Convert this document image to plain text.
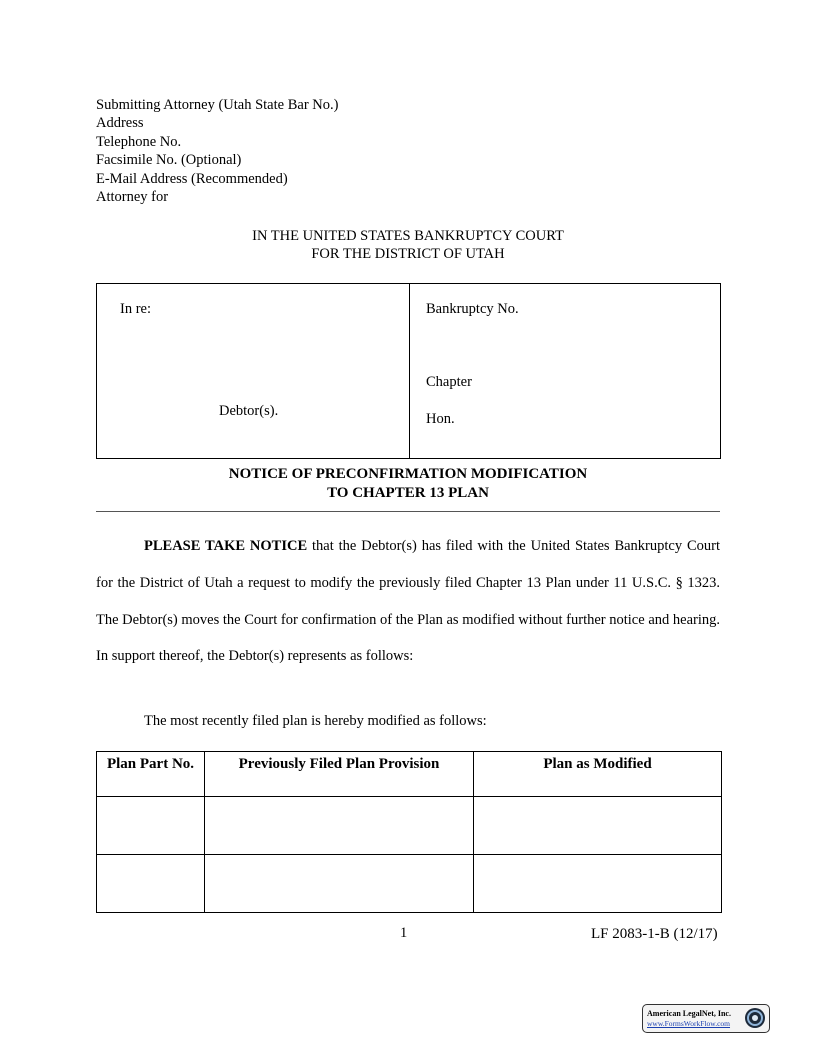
Submitting Attorney (Utah State Bar No.)
Address
Telephone No.
Facsimile No. (Optional)
E-Mail Address (Recommended)
Attorney for
IN THE UNITED STATES BANKRUPTCY COURT
FOR THE DISTRICT OF UTAH
In re:
Debtor(s).
Bankruptcy No.
Chapter
Hon.
NOTICE OF PRECONFIRMATION MODIFICATION
TO CHAPTER 13 PLAN

PLEASE TAKE NOTICE that the Debtor(s) has filed with the United States Bankruptcy Court for the District of Utah a request to modify the previously filed Chapter 13 Plan under 11 U.S.C. § 1323. The Debtor(s) moves the Court for confirmation of the Plan as modified without further notice and hearing. In support thereof, the Debtor(s) represents as follows:

The most recently filed plan is hereby modified as follows:
Plan Part No.	Previously Filed Plan Provision	Plan as Modified

1	LF 2083-1-B (12/17)
American LegalNet, Inc.
www.FormsWorkFlow.com
